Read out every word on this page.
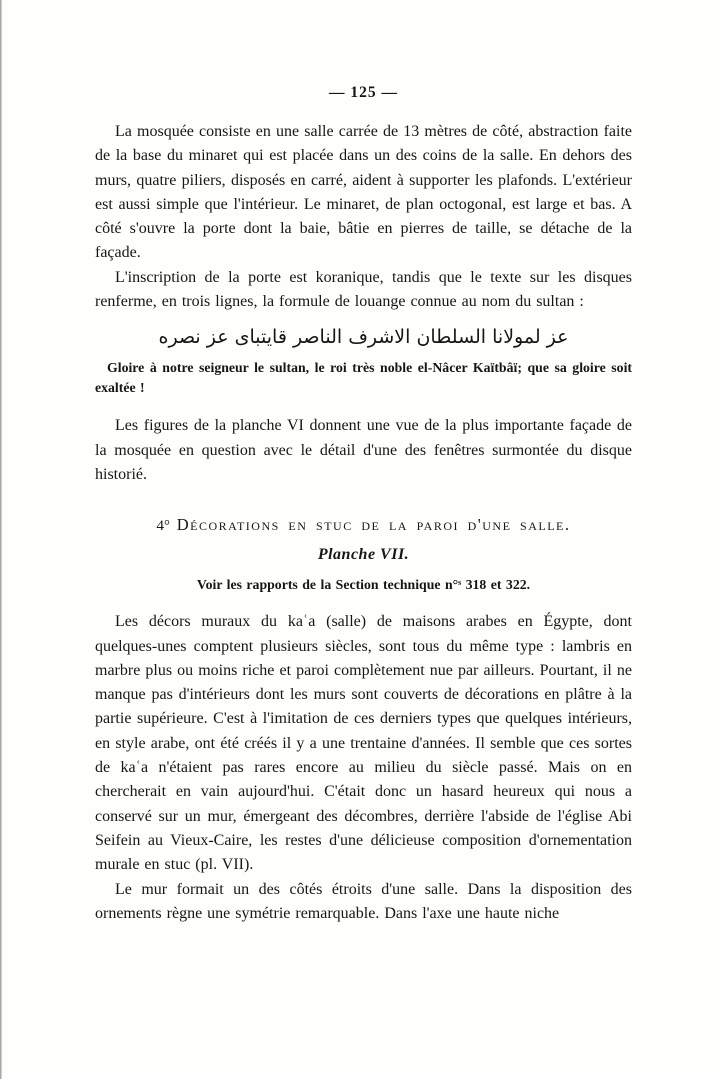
— 125 —

La mosquée consiste en une salle carrée de 13 mètres de côté, abstraction faite de la base du minaret qui est placée dans un des coins de la salle. En dehors des murs, quatre piliers, disposés en carré, aident à supporter les plafonds. L'extérieur est aussi simple que l'intérieur. Le minaret, de plan octogonal, est large et bas. A côté s'ouvre la porte dont la baie, bâtie en pierres de taille, se détache de la façade.

L'inscription de la porte est koranique, tandis que le texte sur les disques renferme, en trois lignes, la formule de louange connue au nom du sultan :

عز لمولانا السلطان الاشرف الناصر قايتباى عز نصره

Gloire à notre seigneur le sultan, le roi très noble el-Nâcer Kaïtbâï; que sa gloire soit exaltée !

Les figures de la planche VI donnent une vue de la plus importante façade de la mosquée en question avec le détail d'une des fenêtres surmontée du disque historié.

4° Décorations en stuc de la paroi d'une salle.
Planche VII.
Voir les rapports de la Section technique n°ˢ 318 et 322.

Les décors muraux du kaʿa (salle) de maisons arabes en Égypte, dont quelques-unes comptent plusieurs siècles, sont tous du même type : lambris en marbre plus ou moins riche et paroi complètement nue par ailleurs. Pourtant, il ne manque pas d'intérieurs dont les murs sont couverts de décorations en plâtre à la partie supérieure. C'est à l'imitation de ces derniers types que quelques intérieurs, en style arabe, ont été créés il y a une trentaine d'années. Il semble que ces sortes de kaʿa n'étaient pas rares encore au milieu du siècle passé. Mais on en chercherait en vain aujourd'hui. C'était donc un hasard heureux qui nous a conservé sur un mur, émergeant des décombres, derrière l'abside de l'église Abi Seifein au Vieux-Caire, les restes d'une délicieuse composition d'ornementation murale en stuc (pl. VII).

Le mur formait un des côtés étroits d'une salle. Dans la disposition des ornements règne une symétrie remarquable. Dans l'axe une haute niche
